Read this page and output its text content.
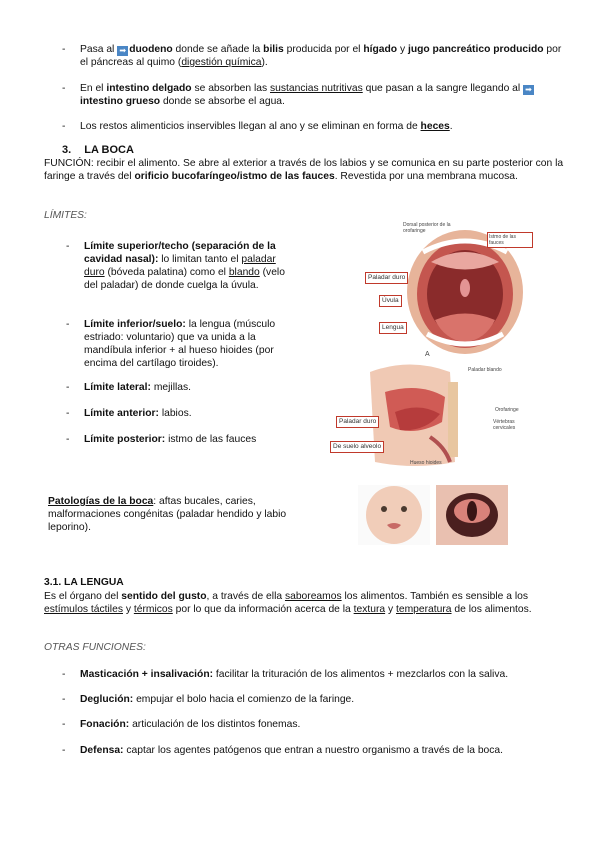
- Pasa al ➡ duodeno donde se añade la bilis producida por el hígado y jugo pancreático producido por el páncreas al quimo (digestión química).
- En el intestino delgado se absorben las sustancias nutritivas que pasan a la sangre llegando al ➡intestino grueso donde se absorbe el agua.
- Los restos alimenticios inservibles llegan al ano y se eliminan en forma de heces.
3. LA BOCA
FUNCIÓN: recibir el alimento. Se abre al exterior a través de los labios y se comunica en su parte posterior con la faringe a través del orificio bucofaríngeo/istmo de las fauces. Revestida por una membrana mucosa.
LÍMITES:
- Límite superior/techo (separación de la cavidad nasal): lo limitan tanto el paladar duro (bóveda palatina) como el blando (velo del paladar) de donde cuelga la úvula.
- Límite inferior/suelo: la lengua (músculo estriado: voluntario) que va unida a la mandíbula inferior + al hueso hioides (por encima del cartílago tiroides).
- Límite lateral: mejillas.
- Límite anterior: labios.
- Límite posterior: istmo de las fauces
Dorsal posterior de la orofaringe
Istmo de las fauces
Paladar duro
Úvula
Lengua
A
Paladar blando
Orofaringe
Vértebras cervicales
Paladar duro
De suelo alveolo
Hueso hioides
Patologías de la boca: aftas bucales, caries, malformaciones congénitas (paladar hendido y labio leporino).
3.1. LA LENGUA
Es el órgano del sentido del gusto, a través de ella saboreamos los alimentos. También es sensible a los estímulos táctiles y térmicos por lo que da información acerca de la textura y temperatura de los alimentos.
OTRAS FUNCIONES:
- Masticación + insalivación: facilitar la trituración de los alimentos + mezclarlos con la saliva.
- Deglución: empujar el bolo hacia el comienzo de la faringe.
- Fonación: articulación de los distintos fonemas.
- Defensa: captar los agentes patógenos que entran a nuestro organismo a través de la boca.
